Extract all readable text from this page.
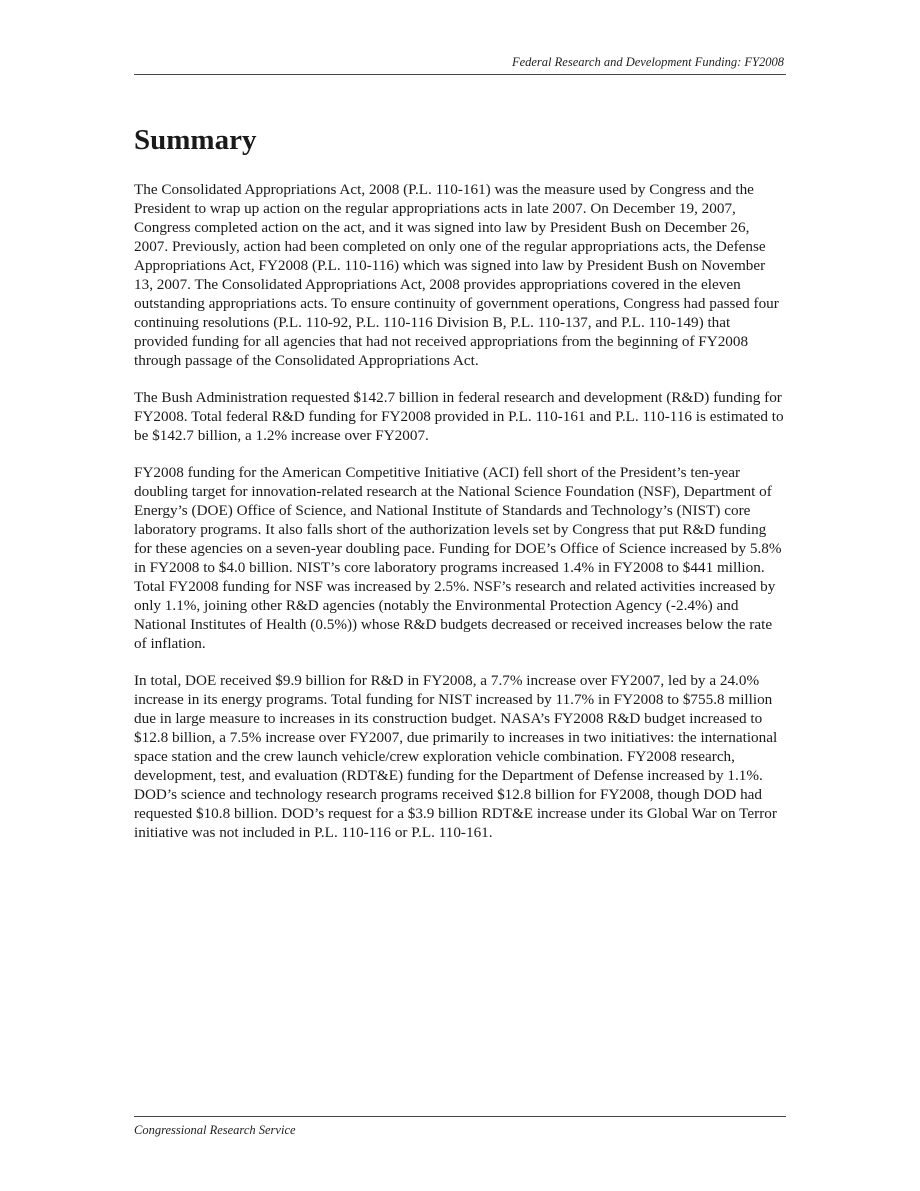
Federal Research and Development Funding: FY2008
Summary

The Consolidated Appropriations Act, 2008 (P.L. 110-161) was the measure used by Congress and the President to wrap up action on the regular appropriations acts in late 2007. On December 19, 2007, Congress completed action on the act, and it was signed into law by President Bush on December 26, 2007. Previously, action had been completed on only one of the regular appropriations acts, the Defense Appropriations Act, FY2008 (P.L. 110-116) which was signed into law by President Bush on November 13, 2007. The Consolidated Appropriations Act, 2008 provides appropriations covered in the eleven outstanding appropriations acts. To ensure continuity of government operations, Congress had passed four continuing resolutions (P.L. 110-92, P.L. 110-116 Division B, P.L. 110-137, and P.L. 110-149) that provided funding for all agencies that had not received appropriations from the beginning of FY2008 through passage of the Consolidated Appropriations Act.

The Bush Administration requested $142.7 billion in federal research and development (R&D) funding for FY2008. Total federal R&D funding for FY2008 provided in P.L. 110-161 and P.L. 110-116 is estimated to be $142.7 billion, a 1.2% increase over FY2007.

FY2008 funding for the American Competitive Initiative (ACI) fell short of the President’s ten-year doubling target for innovation-related research at the National Science Foundation (NSF), Department of Energy’s (DOE) Office of Science, and National Institute of Standards and Technology’s (NIST) core laboratory programs. It also falls short of the authorization levels set by Congress that put R&D funding for these agencies on a seven-year doubling pace. Funding for DOE’s Office of Science increased by 5.8% in FY2008 to $4.0 billion. NIST’s core laboratory programs increased 1.4% in FY2008 to $441 million. Total FY2008 funding for NSF was increased by 2.5%. NSF’s research and related activities increased by only 1.1%, joining other R&D agencies (notably the Environmental Protection Agency (-2.4%) and National Institutes of Health (0.5%)) whose R&D budgets decreased or received increases below the rate of inflation.

In total, DOE received $9.9 billion for R&D in FY2008, a 7.7% increase over FY2007, led by a 24.0% increase in its energy programs. Total funding for NIST increased by 11.7% in FY2008 to $755.8 million due in large measure to increases in its construction budget. NASA’s FY2008 R&D budget increased to $12.8 billion, a 7.5% increase over FY2007, due primarily to increases in two initiatives: the international space station and the crew launch vehicle/crew exploration vehicle combination. FY2008 research, development, test, and evaluation (RDT&E) funding for the Department of Defense increased by 1.1%. DOD’s science and technology research programs received $12.8 billion for FY2008, though DOD had requested $10.8 billion. DOD’s request for a $3.9 billion RDT&E increase under its Global War on Terror initiative was not included in P.L. 110-116 or P.L. 110-161.

Congressional Research Service
